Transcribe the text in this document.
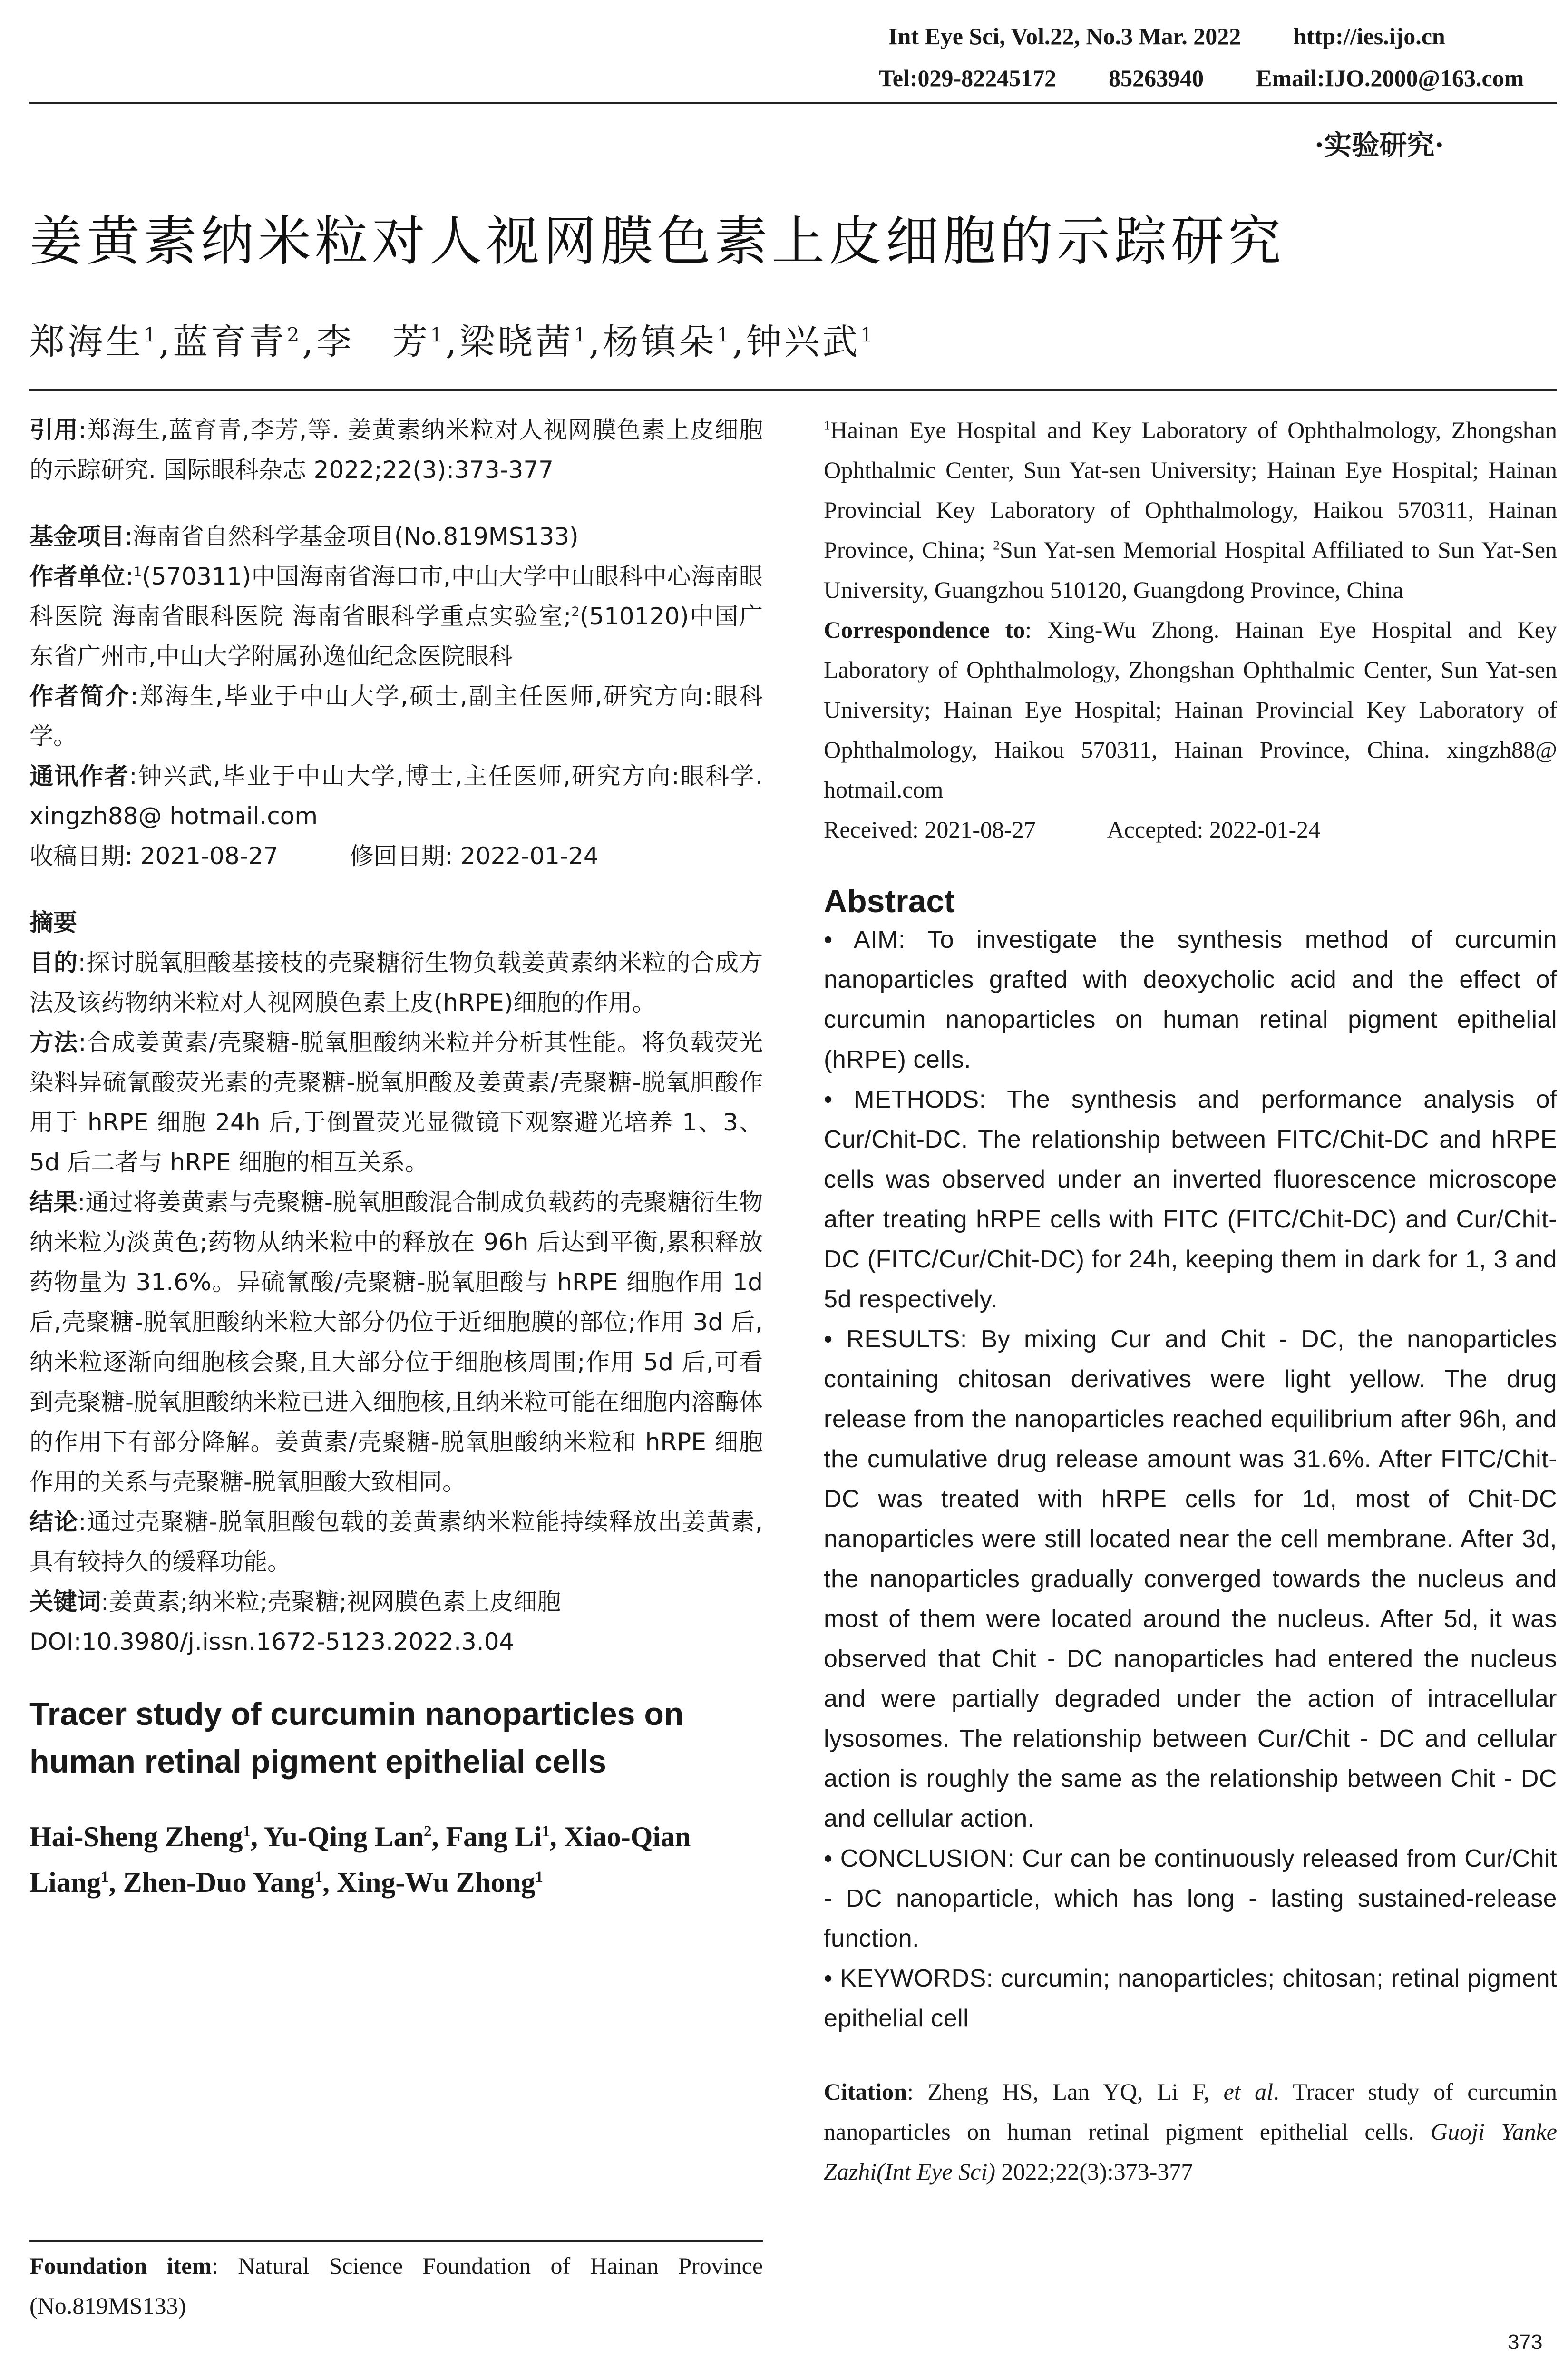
Int Eye Sci, Vol.22, No.3 Mar. 2022 http://ies.ijo.cn
Tel:029-82245172 85263940 Email:IJO.2000@163.com
·实验研究·
姜黄素纳米粒对人视网膜色素上皮细胞的示踪研究
郑海生$^1$,蓝育青$^2$,李　芳$^1$,梁晓茜$^1$,杨镇朵$^1$,钟兴武$^1$

引用:郑海生,蓝育青,李芳,等. 姜黄素纳米粒对人视网膜色素上皮细胞的示踪研究. 国际眼科杂志 2022;22(3):373-377

基金项目:海南省自然科学基金项目(No.819MS133)

作者单位:$^1$(570311)中国海南省海口市,中山大学中山眼科中心海南眼科医院 海南省眼科医院 海南省眼科学重点实验室;$^2$(510120)中国广东省广州市,中山大学附属孙逸仙纪念医院眼科

作者简介:郑海生,毕业于中山大学,硕士,副主任医师,研究方向:眼科学。

通讯作者:钟兴武,毕业于中山大学,博士,主任医师,研究方向:眼科学. xingzh88@ hotmail.com

收稿日期: 2021-08-27　　　修回日期: 2022-01-24

摘要

目的:探讨脱氧胆酸基接枝的壳聚糖衍生物负载姜黄素纳米粒的合成方法及该药物纳米粒对人视网膜色素上皮(hRPE)细胞的作用。

方法:合成姜黄素/壳聚糖-脱氧胆酸纳米粒并分析其性能。将负载荧光染料异硫氰酸荧光素的壳聚糖-脱氧胆酸及姜黄素/壳聚糖-脱氧胆酸作用于 hRPE 细胞 24h 后,于倒置荧光显微镜下观察避光培养 1、3、5d 后二者与 hRPE 细胞的相互关系。

结果:通过将姜黄素与壳聚糖-脱氧胆酸混合制成负载药的壳聚糖衍生物纳米粒为淡黄色;药物从纳米粒中的释放在 96h 后达到平衡,累积释放药物量为 31.6%。异硫氰酸/壳聚糖-脱氧胆酸与 hRPE 细胞作用 1d 后,壳聚糖-脱氧胆酸纳米粒大部分仍位于近细胞膜的部位;作用 3d 后,纳米粒逐渐向细胞核会聚,且大部分位于细胞核周围;作用 5d 后,可看到壳聚糖-脱氧胆酸纳米粒已进入细胞核,且纳米粒可能在细胞内溶酶体的作用下有部分降解。姜黄素/壳聚糖-脱氧胆酸纳米粒和 hRPE 细胞作用的关系与壳聚糖-脱氧胆酸大致相同。

结论:通过壳聚糖-脱氧胆酸包载的姜黄素纳米粒能持续释放出姜黄素,具有较持久的缓释功能。

关键词:姜黄素;纳米粒;壳聚糖;视网膜色素上皮细胞

DOI:10.3980/j.issn.1672-5123.2022.3.04

Tracer study of curcumin nanoparticles on human retinal pigment epithelial cells

Hai-Sheng Zheng$^1$, Yu-Qing Lan$^2$, Fang Li$^1$, Xiao-Qian Liang$^1$, Zhen-Duo Yang$^1$, Xing-Wu Zhong$^1$

Foundation item: Natural Science Foundation of Hainan Province (No.819MS133)

$^1$Hainan Eye Hospital and Key Laboratory of Ophthalmology, Zhongshan Ophthalmic Center, Sun Yat-sen University; Hainan Eye Hospital; Hainan Provincial Key Laboratory of Ophthalmology, Haikou 570311, Hainan Province, China; $^2$Sun Yat-sen Memorial Hospital Affiliated to Sun Yat-Sen University, Guangzhou 510120, Guangdong Province, China

Correspondence to: Xing-Wu Zhong. Hainan Eye Hospital and Key Laboratory of Ophthalmology, Zhongshan Ophthalmic Center, Sun Yat-sen University; Hainan Eye Hospital; Hainan Provincial Key Laboratory of Ophthalmology, Haikou 570311, Hainan Province, China. xingzh88@ hotmail.com

Received: 2021-08-27　　　Accepted: 2022-01-24

Abstract

• AIM: To investigate the synthesis method of curcumin nanoparticles grafted with deoxycholic acid and the effect of curcumin nanoparticles on human retinal pigment epithelial (hRPE) cells.

• METHODS: The synthesis and performance analysis of Cur/Chit-DC. The relationship between FITC/Chit-DC and hRPE cells was observed under an inverted fluorescence microscope after treating hRPE cells with FITC (FITC/Chit-DC) and Cur/Chit-DC (FITC/Cur/Chit-DC) for 24h, keeping them in dark for 1, 3 and 5d respectively.

• RESULTS: By mixing Cur and Chit - DC, the nanoparticles containing chitosan derivatives were light yellow. The drug release from the nanoparticles reached equilibrium after 96h, and the cumulative drug release amount was 31.6%. After FITC/Chit-DC was treated with hRPE cells for 1d, most of Chit-DC nanoparticles were still located near the cell membrane. After 3d, the nanoparticles gradually converged towards the nucleus and most of them were located around the nucleus. After 5d, it was observed that Chit - DC nanoparticles had entered the nucleus and were partially degraded under the action of intracellular lysosomes. The relationship between Cur/Chit - DC and cellular action is roughly the same as the relationship between Chit - DC and cellular action.

• CONCLUSION: Cur can be continuously released from Cur/Chit - DC nanoparticle, which has long - lasting sustained-release function.

• KEYWORDS: curcumin; nanoparticles; chitosan; retinal pigment epithelial cell

Citation: Zheng HS, Lan YQ, Li F, et al. Tracer study of curcumin nanoparticles on human retinal pigment epithelial cells. Guoji Yanke Zazhi(Int Eye Sci) 2022;22(3):373-377

373
